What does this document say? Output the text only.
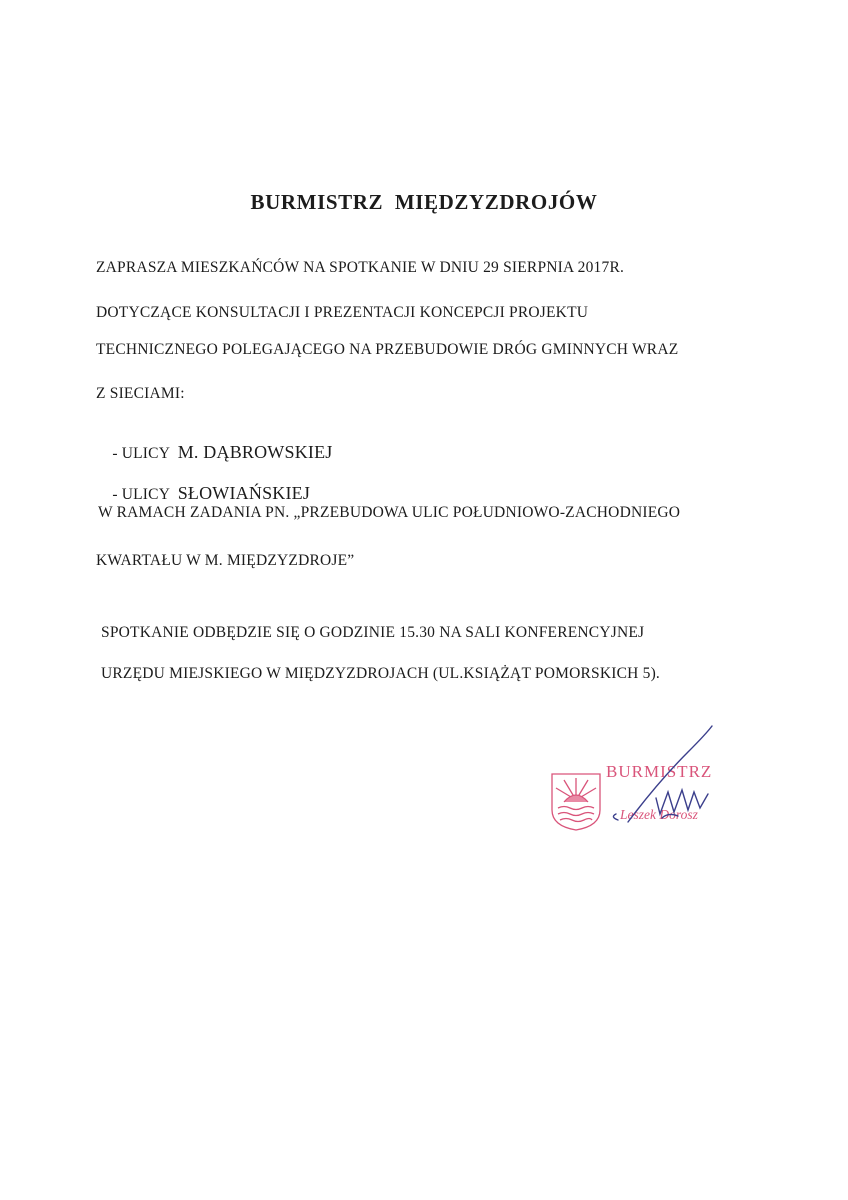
BURMISTRZ  MIĘDZYZDROJÓW
ZAPRASZA MIESZKAŃCÓW NA SPOTKANIE W DNIU 29 SIERPNIA 2017R.
DOTYCZĄCE KONSULTACJI I PREZENTACJI KONCEPCJI PROJEKTU
TECHNICZNEGO POLEGAJĄCEGO NA PRZEBUDOWIE DRÓG GMINNYCH WRAZ
Z SIECIAMI:

- ULICY  M. DĄBROWSKIEJ

- ULICY  SŁOWIAŃSKIEJ

W RAMACH ZADANIA PN. „PRZEBUDOWA ULIC POŁUDNIOWO-ZACHODNIEGO
KWARTAŁU W M. MIĘDZYZDROJE”
SPOTKANIE ODBĘDZIE SIĘ O GODZINIE 15.30 NA SALI KONFERENCYJNEJ
URZĘDU MIEJSKIEGO W MIĘDZYZDROJACH (UL.KSIĄŻĄT POMORSKICH 5).
BURMISTRZ
Leszek Dorosz
